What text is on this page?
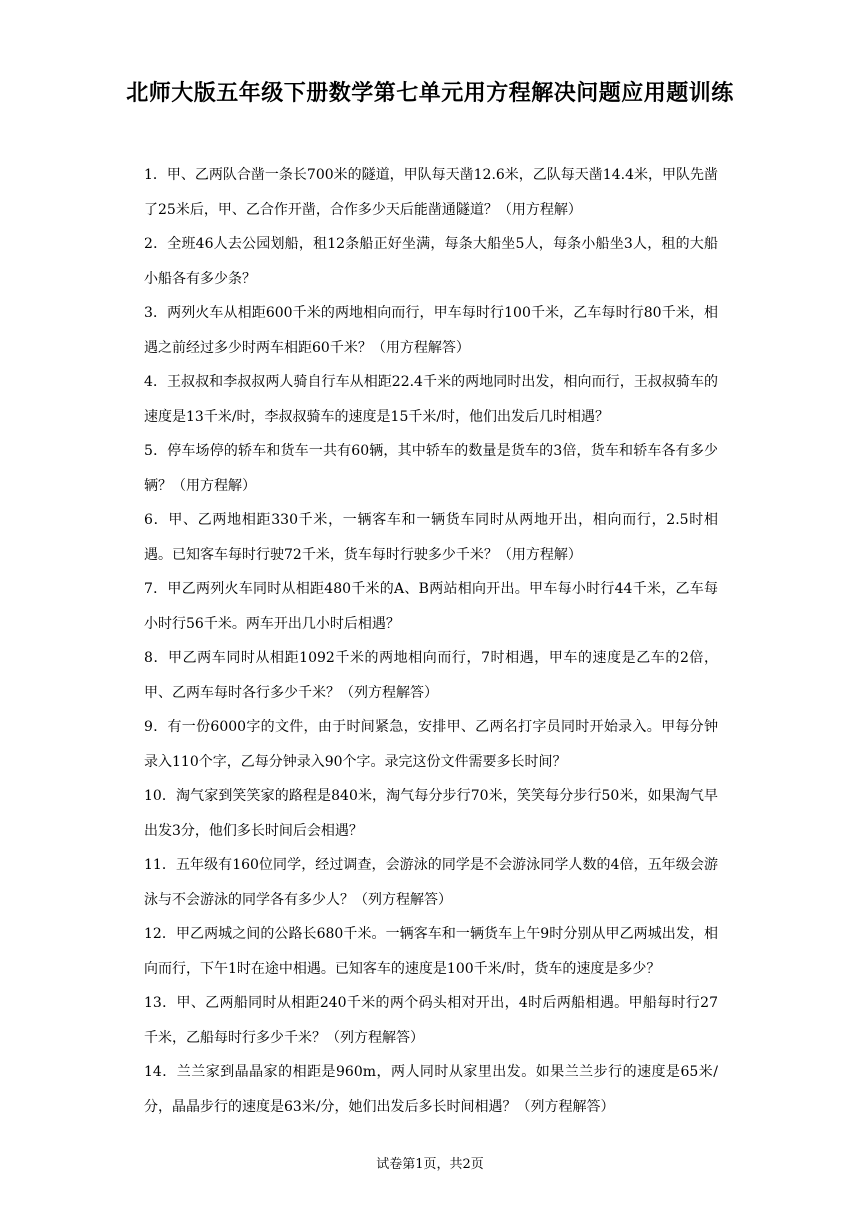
北师大版五年级下册数学第七单元用方程解决问题应用题训练

1．甲、乙两队合凿一条长700米的隧道，甲队每天凿12.6米，乙队每天凿14.4米，甲队先凿了25米后，甲、乙合作开凿，合作多少天后能凿通隧道？（用方程解）

2．全班46人去公园划船，租12条船正好坐满，每条大船坐5人，每条小船坐3人，租的大船小船各有多少条？

3．两列火车从相距600千米的两地相向而行，甲车每时行100千米，乙车每时行80千米，相遇之前经过多少时两车相距60千米？（用方程解答）

4．王叔叔和李叔叔两人骑自行车从相距22.4千米的两地同时出发，相向而行，王叔叔骑车的速度是13千米/时，李叔叔骑车的速度是15千米/时，他们出发后几时相遇？

5．停车场停的轿车和货车一共有60辆，其中轿车的数量是货车的3倍，货车和轿车各有多少辆？（用方程解）

6．甲、乙两地相距330千米，一辆客车和一辆货车同时从两地开出，相向而行，2.5时相遇。已知客车每时行驶72千米，货车每时行驶多少千米？（用方程解）

7．甲乙两列火车同时从相距480千米的A、B两站相向开出。甲车每小时行44千米，乙车每小时行56千米。两车开出几小时后相遇？

8．甲乙两车同时从相距1092千米的两地相向而行，7时相遇，甲车的速度是乙车的2倍，甲、乙两车每时各行多少千米？（列方程解答）

9．有一份6000字的文件，由于时间紧急，安排甲、乙两名打字员同时开始录入。甲每分钟录入110个字，乙每分钟录入90个字。录完这份文件需要多长时间？

10．淘气家到笑笑家的路程是840米，淘气每分步行70米，笑笑每分步行50米，如果淘气早出发3分，他们多长时间后会相遇？

11．五年级有160位同学，经过调查，会游泳的同学是不会游泳同学人数的4倍，五年级会游泳与不会游泳的同学各有多少人？（列方程解答）

12．甲乙两城之间的公路长680千米。一辆客车和一辆货车上午9时分别从甲乙两城出发，相向而行，下午1时在途中相遇。已知客车的速度是100千米/时，货车的速度是多少？

13．甲、乙两船同时从相距240千米的两个码头相对开出，4时后两船相遇。甲船每时行27千米，乙船每时行多少千米？（列方程解答）

14．兰兰家到晶晶家的相距是960m，两人同时从家里出发。如果兰兰步行的速度是65米/分，晶晶步行的速度是63米/分，她们出发后多长时间相遇？（列方程解答）

试卷第1页，共2页
